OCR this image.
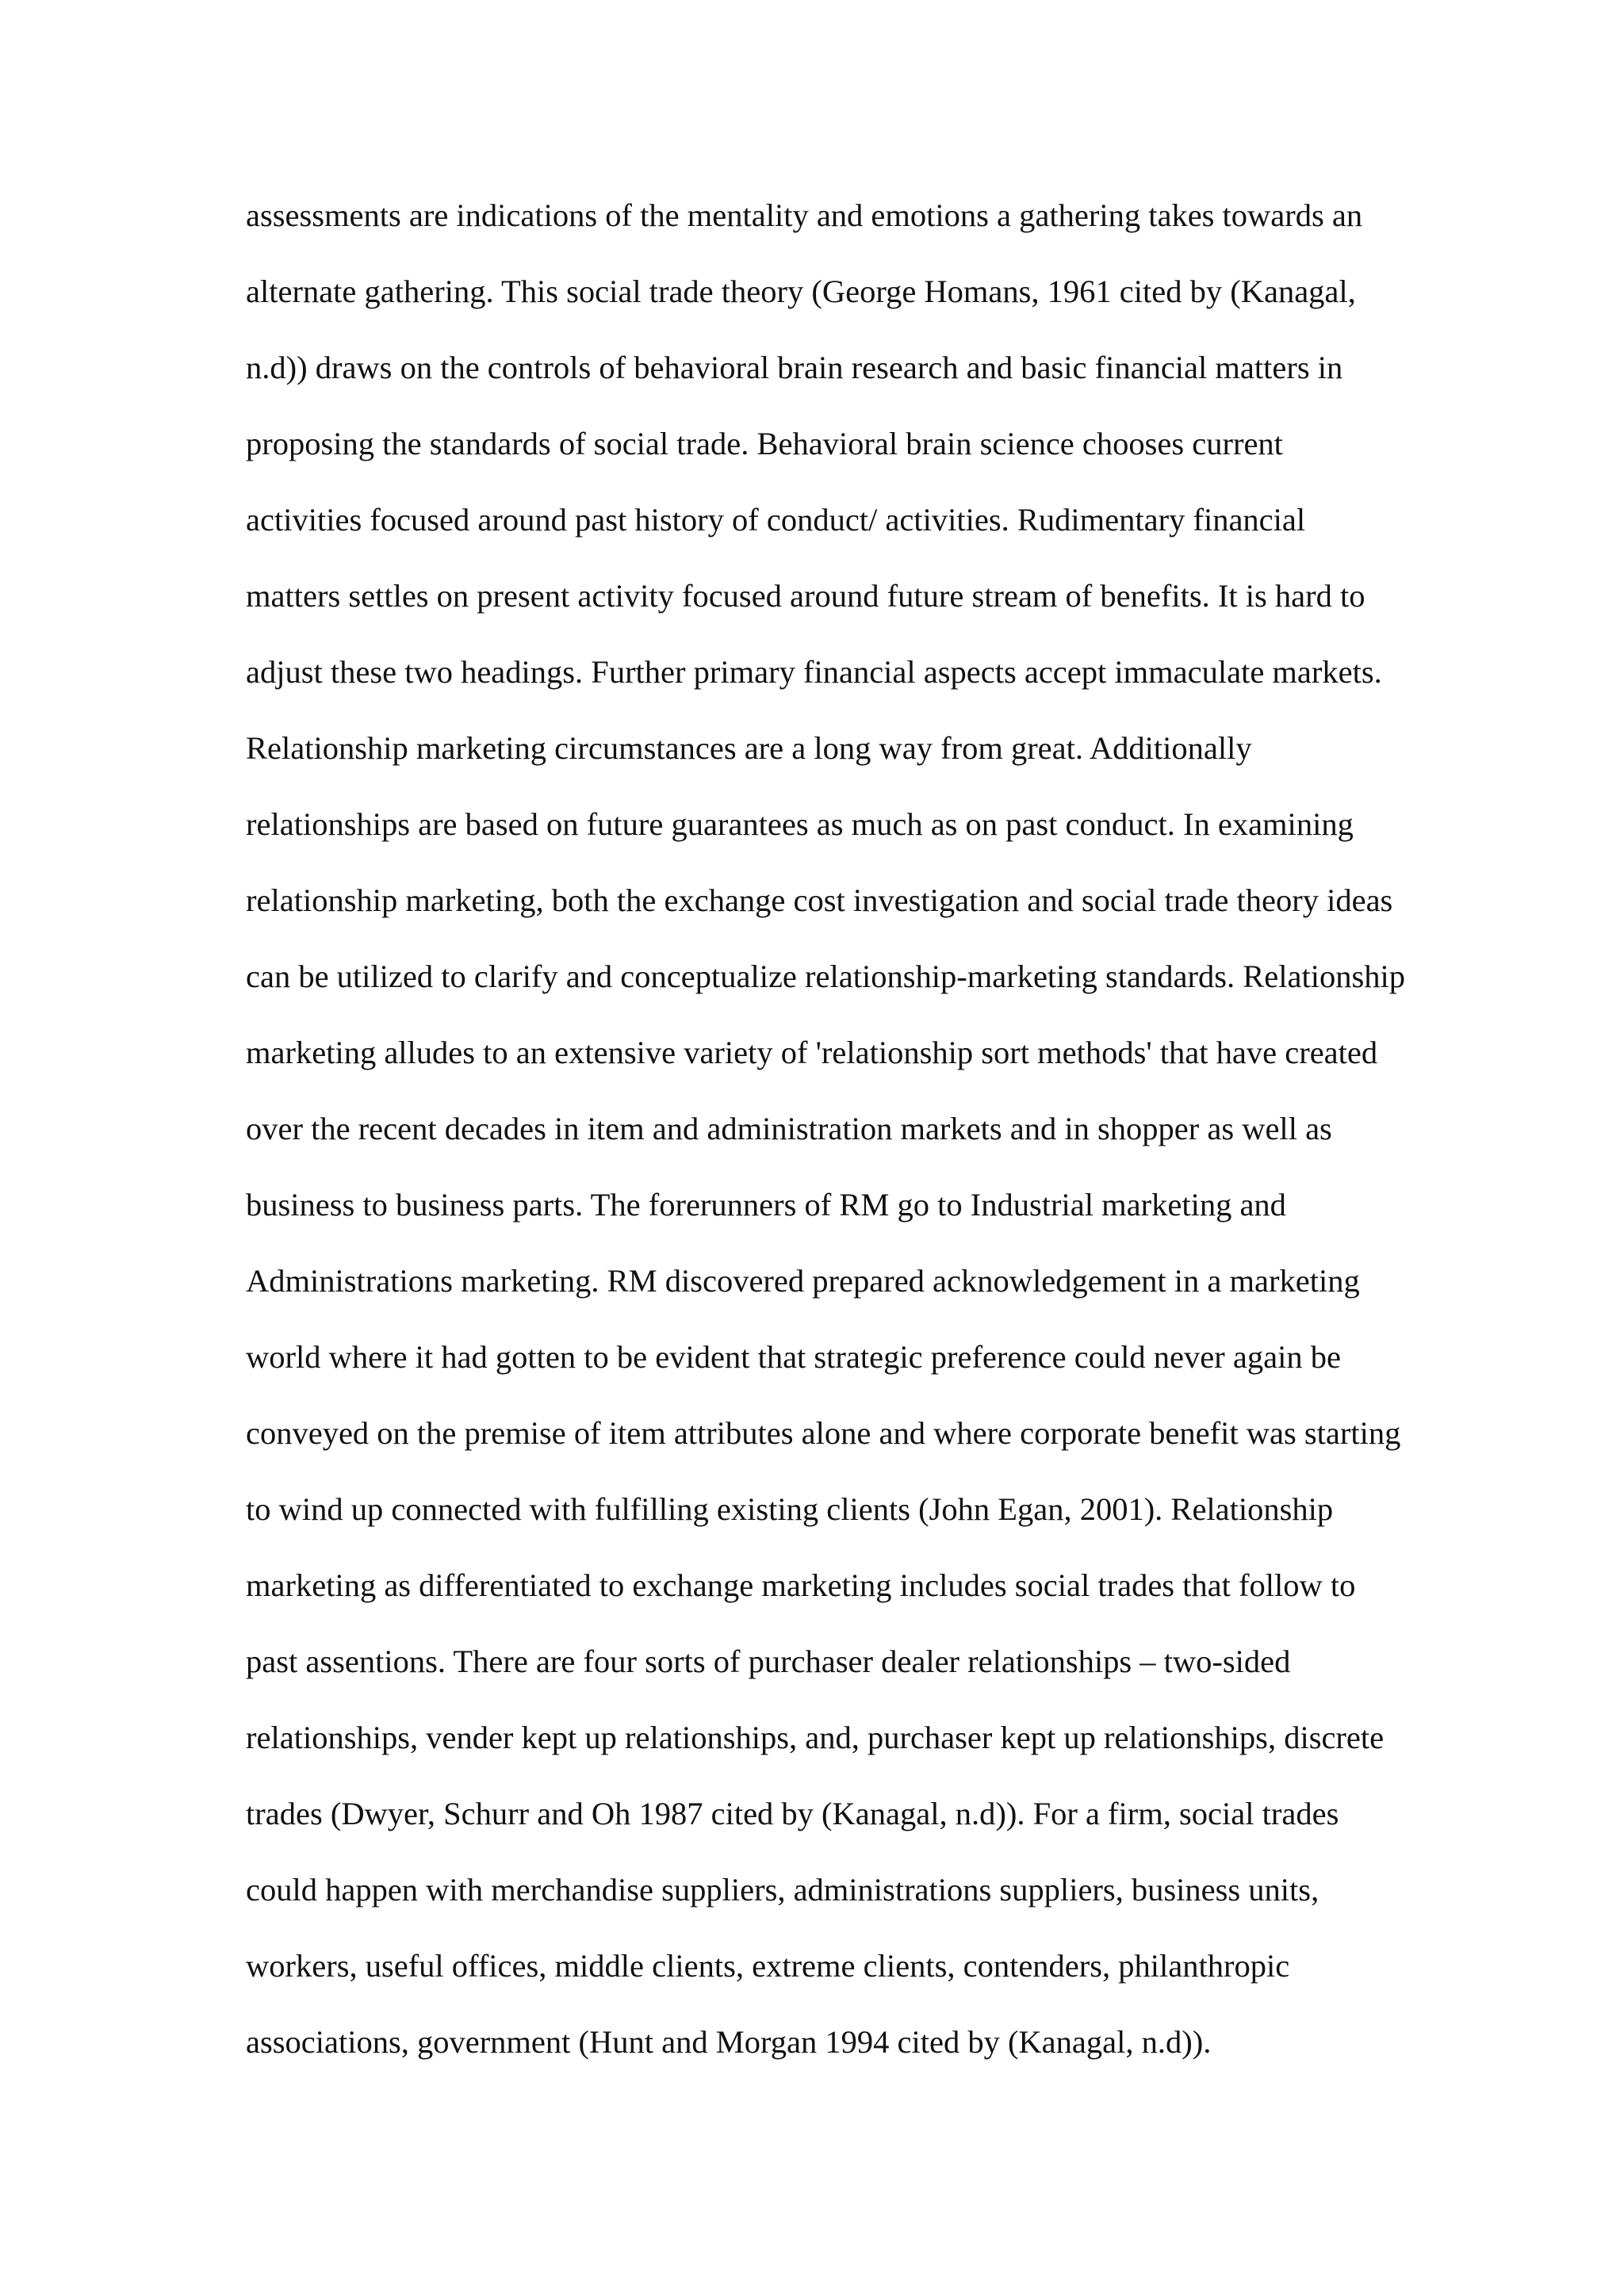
assessments are indications of the mentality and emotions a gathering takes towards an
alternate gathering. This social trade theory (George Homans, 1961 cited by (Kanagal,
n.d)) draws on the controls of behavioral brain research and basic financial matters in
proposing the standards of social trade. Behavioral brain science chooses current
activities focused around past history of conduct/ activities. Rudimentary financial
matters settles on present activity focused around future stream of benefits. It is hard to
adjust these two headings. Further primary financial aspects accept immaculate markets.
Relationship marketing circumstances are a long way from great. Additionally
relationships are based on future guarantees as much as on past conduct. In examining
relationship marketing, both the exchange cost investigation and social trade theory ideas
can be utilized to clarify and conceptualize relationship-marketing standards. Relationship
marketing alludes to an extensive variety of 'relationship sort methods' that have created
over the recent decades in item and administration markets and in shopper as well as
business to business parts. The forerunners of RM go to Industrial marketing and
Administrations marketing. RM discovered prepared acknowledgement in a marketing
world where it had gotten to be evident that strategic preference could never again be
conveyed on the premise of item attributes alone and where corporate benefit was starting
to wind up connected with fulfilling existing clients (John Egan, 2001). Relationship
marketing as differentiated to exchange marketing includes social trades that follow to
past assentions. There are four sorts of purchaser dealer relationships – two-sided
relationships, vender kept up relationships, and, purchaser kept up relationships, discrete
trades (Dwyer, Schurr and Oh 1987 cited by (Kanagal, n.d)). For a firm, social trades
could happen with merchandise suppliers, administrations suppliers, business units,
workers, useful offices, middle clients, extreme clients, contenders, philanthropic
associations, government (Hunt and Morgan 1994 cited by (Kanagal, n.d)).
